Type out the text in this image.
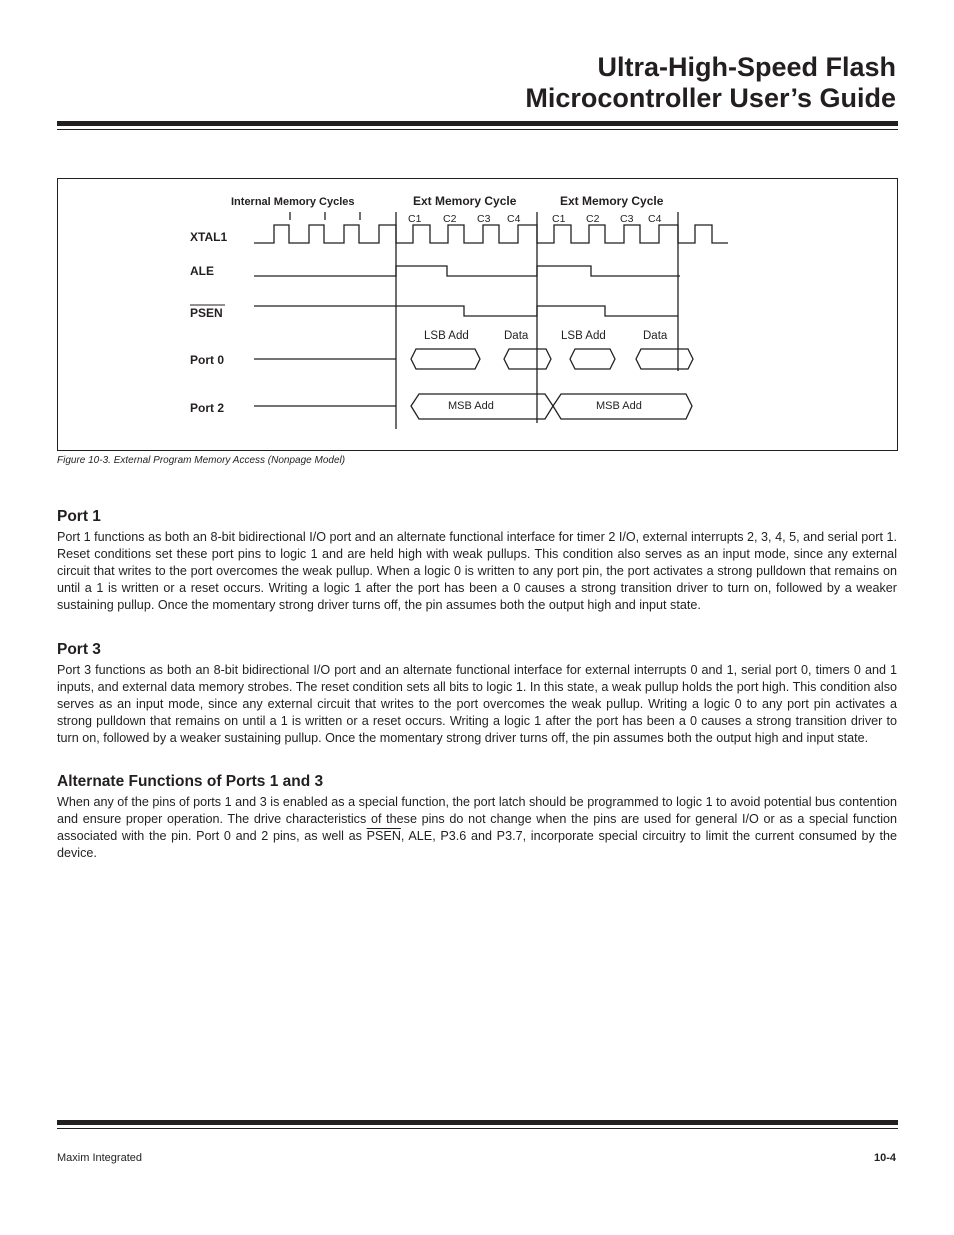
Ultra-High-Speed Flash
Microcontroller User’s Guide
Internal Memory Cycles	Ext Memory Cycle	Ext Memory Cycle
C1 C2 C3 C4	C1 C2 C3 C4
XTAL1
ALE
PSEN
Port 0
Port 2
LSB Add	Data	LSB Add	Data
MSB Add	MSB Add
Figure 10-3. External Program Memory Access (Nonpage Model)
Port 1

Port 1 functions as both an 8-bit bidirectional I/O port and an alternate functional interface for timer 2 I/O, external interrupts 2, 3, 4, 5, and serial port 1. Reset conditions set these port pins to logic 1 and are held high with weak pullups. This condition also serves as an input mode, since any external circuit that writes to the port overcomes the weak pullup. When a logic 0 is written to any port pin, the port activates a strong pulldown that remains on until a 1 is written or a reset occurs. Writing a logic 1 after the port has been a 0 causes a strong transition driver to turn on, followed by a weaker sustaining pullup. Once the momentary strong driver turns off, the pin assumes both the output high and input state.

Port 3

Port 3 functions as both an 8-bit bidirectional I/O port and an alternate functional interface for external interrupts 0 and 1, serial port 0, timers 0 and 1 inputs, and external data memory strobes. The reset condition sets all bits to logic 1. In this state, a weak pullup holds the port high. This condition also serves as an input mode, since any external circuit that writes to the port overcomes the weak pullup. Writing a logic 0 to any port pin activates a strong pulldown that remains on until a 1 is written or a reset occurs. Writing a logic 1 after the port has been a 0 causes a strong transition driver to turn on, followed by a weaker sustaining pullup. Once the momentary strong driver turns off, the pin assumes both the output high and input state.

Alternate Functions of Ports 1 and 3

When any of the pins of ports 1 and 3 is enabled as a special function, the port latch should be programmed to logic 1 to avoid potential bus contention and ensure proper operation. The drive characteristics of these pins do not change when the pins are used for general I/O or as a special function associated with the pin. Port 0 and 2 pins, as well as PSEN, ALE, P3.6 and P3.7, incorporate special circuitry to limit the current consumed by the device.

Maxim Integrated	10-4
